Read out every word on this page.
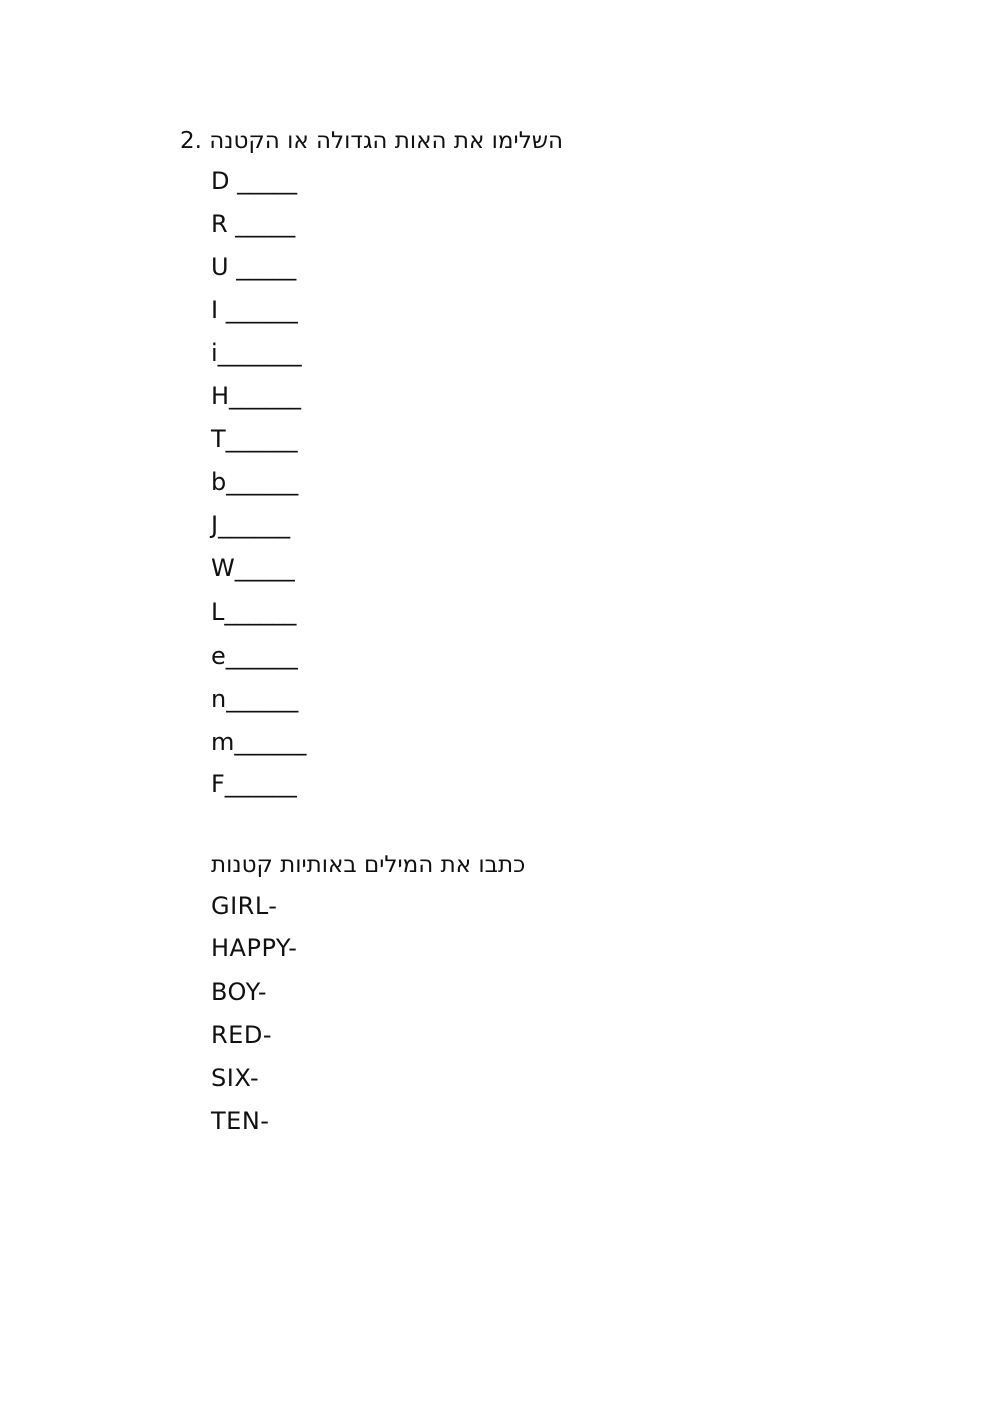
2. השלימו את האות הגדולה או הקטנה
D _____
R _____
U _____
I ______
i_______
H______
T______
b______
J______
W_____
L______
e______
n______
m______
F______
כתבו את המילים באותיות קטנות
GIRL-
HAPPY-
BOY-
RED-
SIX-
TEN-
